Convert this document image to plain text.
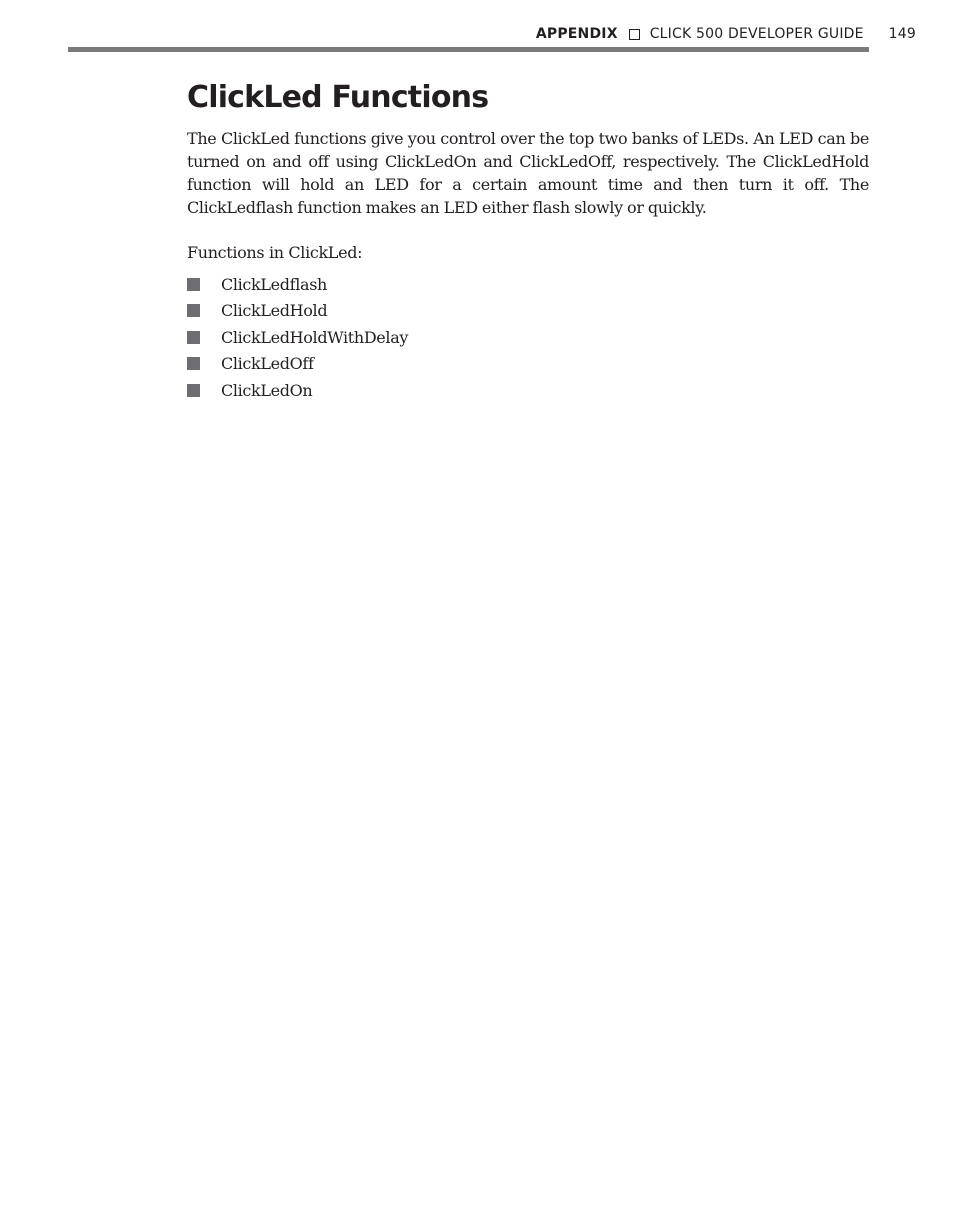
APPENDIX CLICK 500 DEVELOPER GUIDE 149
ClickLed Functions

The ClickLed functions give you control over the top two banks of LEDs. An LED can be turned on and off using ClickLedOn and ClickLedOff, respectively. The ClickLedHold function will hold an LED for a certain amount time and then turn it off. The ClickLedflash function makes an LED either flash slowly or quickly.

Functions in ClickLed:

ClickLedflash
ClickLedHold
ClickLedHoldWithDelay
ClickLedOff
ClickLedOn
